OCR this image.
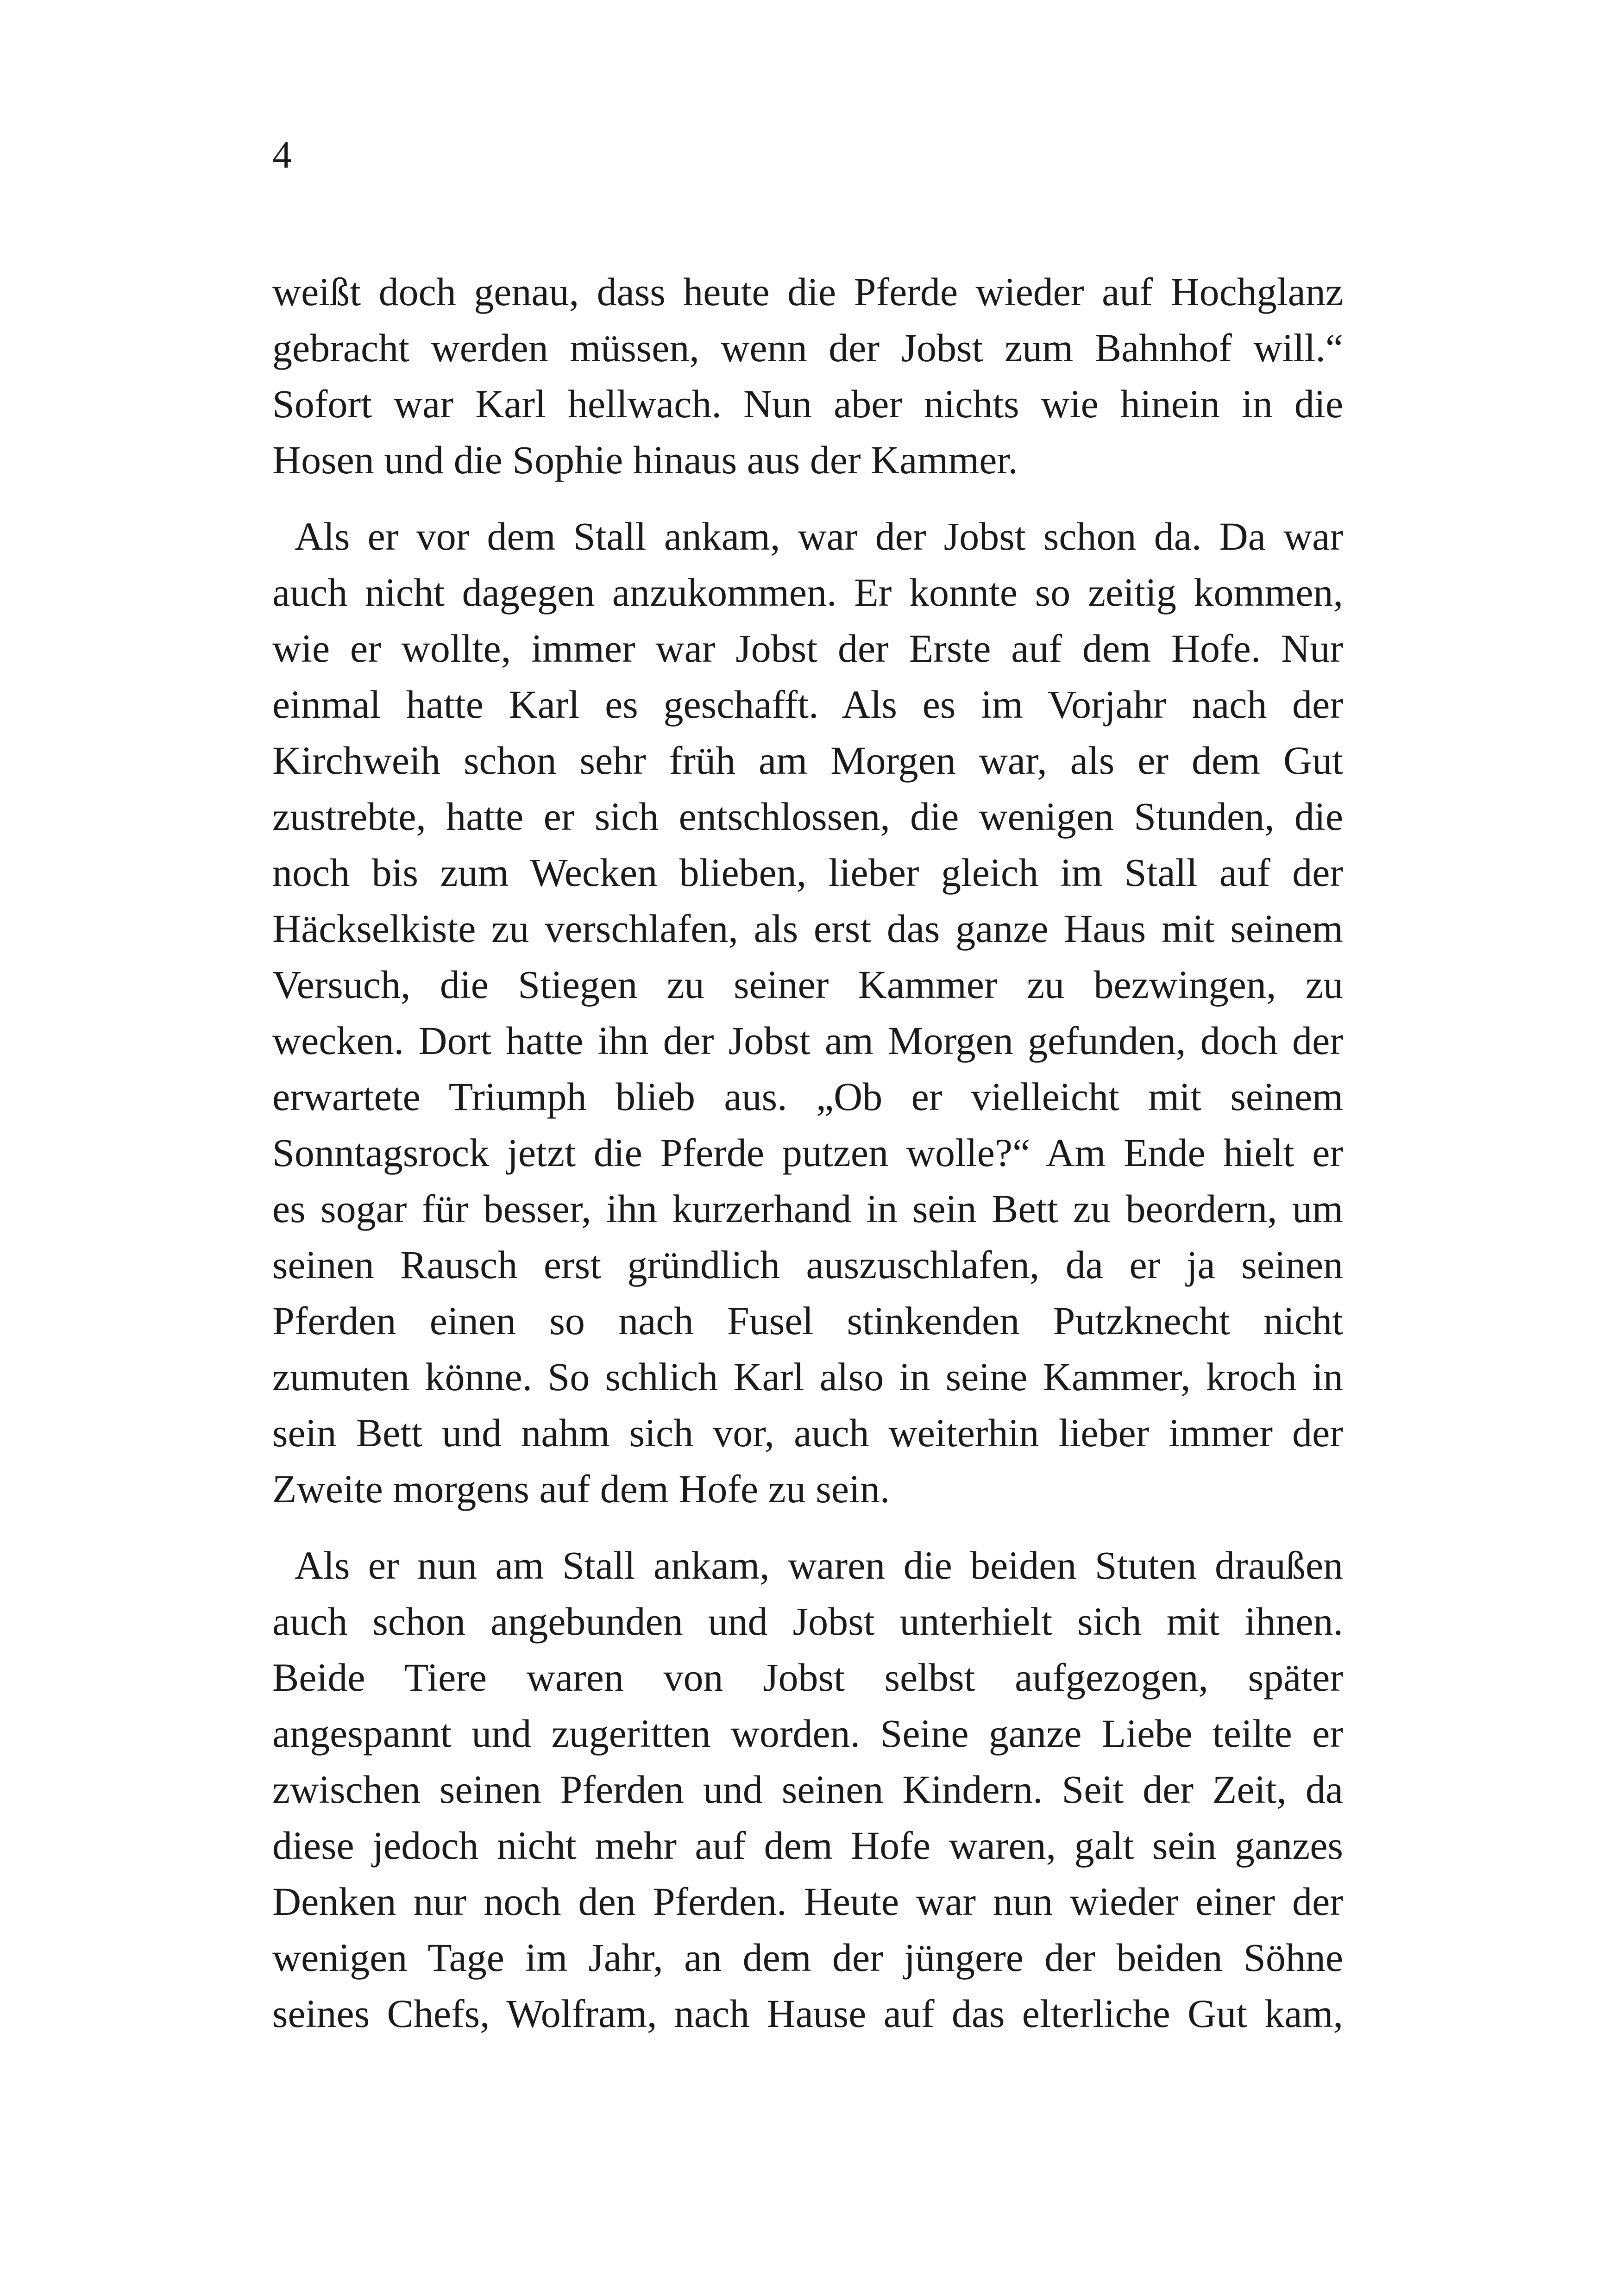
4

weißt doch genau, dass heute die Pferde wieder auf Hochglanz
gebracht werden müssen, wenn der Jobst zum Bahnhof will.“
Sofort war Karl hellwach. Nun aber nichts wie hinein in die
Hosen und die Sophie hinaus aus der Kammer.

Als er vor dem Stall ankam, war der Jobst schon da. Da war
auch nicht dagegen anzukommen. Er konnte so zeitig kommen,
wie er wollte, immer war Jobst der Erste auf dem Hofe. Nur
einmal hatte Karl es geschafft. Als es im Vorjahr nach der
Kirchweih schon sehr früh am Morgen war, als er dem Gut
zustrebte, hatte er sich entschlossen, die wenigen Stunden, die
noch bis zum Wecken blieben, lieber gleich im Stall auf der
Häckselkiste zu verschlafen, als erst das ganze Haus mit seinem
Versuch, die Stiegen zu seiner Kammer zu bezwingen, zu
wecken. Dort hatte ihn der Jobst am Morgen gefunden, doch der
erwartete Triumph blieb aus. „Ob er vielleicht mit seinem
Sonntagsrock jetzt die Pferde putzen wolle?“ Am Ende hielt er
es sogar für besser, ihn kurzerhand in sein Bett zu beordern, um
seinen Rausch erst gründlich auszuschlafen, da er ja seinen
Pferden einen so nach Fusel stinkenden Putzknecht nicht
zumuten könne. So schlich Karl also in seine Kammer, kroch in
sein Bett und nahm sich vor, auch weiterhin lieber immer der
Zweite morgens auf dem Hofe zu sein.

Als er nun am Stall ankam, waren die beiden Stuten draußen
auch schon angebunden und Jobst unterhielt sich mit ihnen.
Beide Tiere waren von Jobst selbst aufgezogen, später
angespannt und zugeritten worden. Seine ganze Liebe teilte er
zwischen seinen Pferden und seinen Kindern. Seit der Zeit, da
diese jedoch nicht mehr auf dem Hofe waren, galt sein ganzes
Denken nur noch den Pferden. Heute war nun wieder einer der
wenigen Tage im Jahr, an dem der jüngere der beiden Söhne
seines Chefs, Wolfram, nach Hause auf das elterliche Gut kam,
